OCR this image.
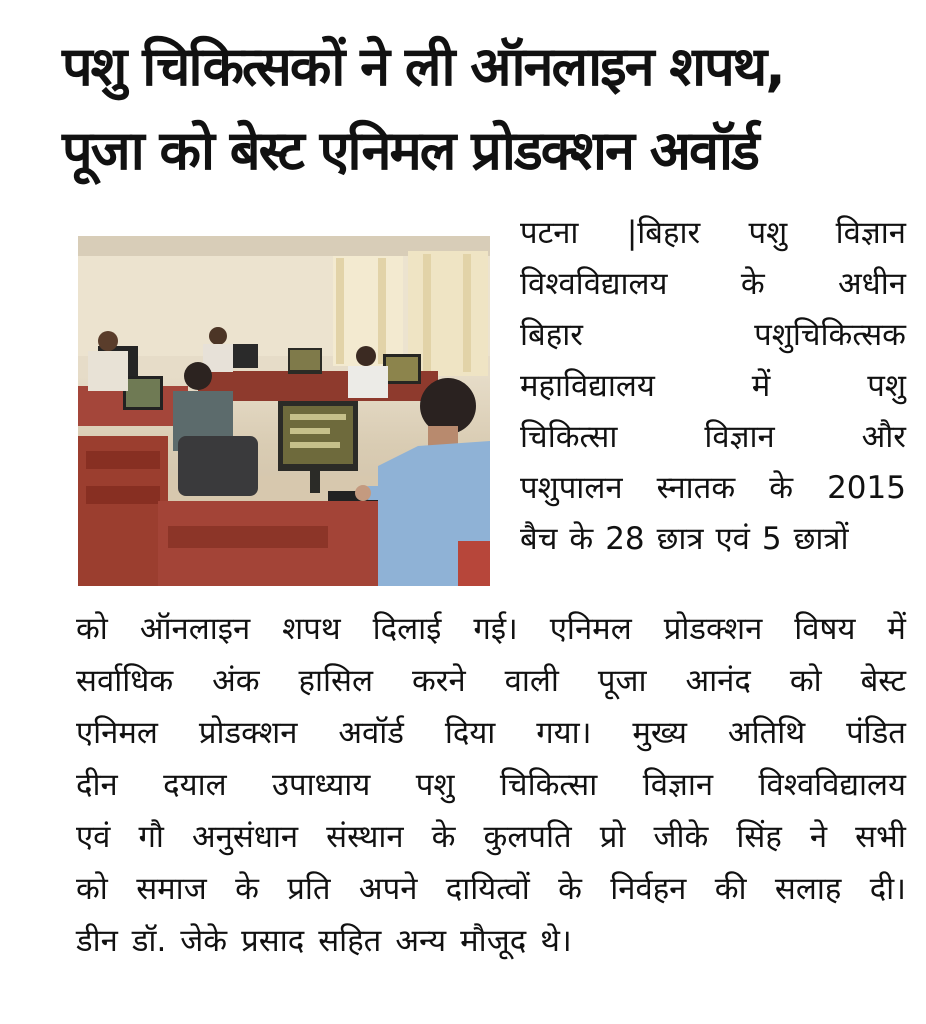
पशु चिकित्सकों ने ली ऑनलाइन शपथ,
पूजा को बेस्ट एनिमल प्रोडक्शन अवॉर्ड
पटना |बिहार पशु विज्ञान
विश्वविद्यालय के अधीन
बिहार	पशुचिकित्सक
महाविद्यालय	में	पशु
चिकित्सा	विज्ञान	और
पशुपालन स्नातक के 2015
बैच के 28 छात्र एवं 5 छात्रों
को ऑनलाइन शपथ दिलाई गई। एनिमल प्रोडक्शन विषय में
सर्वाधिक अंक हासिल करने वाली पूजा आनंद को बेस्ट
एनिमल प्रोडक्शन अवॉर्ड दिया गया। मुख्य अतिथि पंडित
दीन दयाल उपाध्याय पशु चिकित्सा विज्ञान विश्वविद्यालय
एवं गौ अनुसंधान संस्थान के कुलपति प्रो जीके सिंह ने सभी
को समाज के प्रति अपने दायित्वों के निर्वहन की सलाह दी।
डीन डॉ. जेके प्रसाद सहित अन्य मौजूद थे।
